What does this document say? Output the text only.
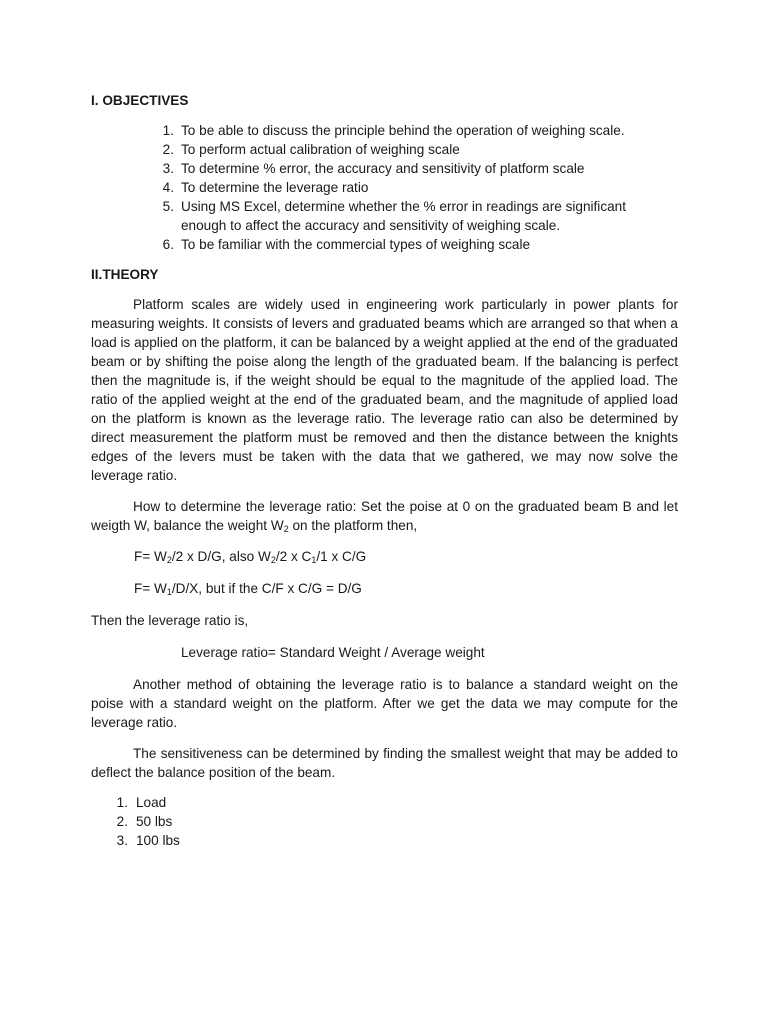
I. OBJECTIVES
1. To be able to discuss the principle behind the operation of weighing scale.
2. To perform actual calibration of weighing scale
3. To determine % error, the accuracy and sensitivity of platform scale
4. To determine the leverage ratio
5. Using MS Excel, determine whether the % error in readings are significant enough to affect the accuracy and sensitivity of weighing scale.
6. To be familiar with the commercial types of weighing scale
II.THEORY

Platform scales are widely used in engineering work particularly in power plants for measuring weights. It consists of levers and graduated beams which are arranged so that when a load is applied on the platform, it can be balanced by a weight applied at the end of the graduated beam or by shifting the poise along the length of the graduated beam. If the balancing is perfect then the magnitude is, if the weight should be equal to the magnitude of the applied load. The ratio of the applied weight at the end of the graduated beam, and the magnitude of applied load on the platform is known as the leverage ratio. The leverage ratio can also be determined by direct measurement the platform must be removed and then the distance between the knights edges of the levers must be taken with the data that we gathered, we may now solve the leverage ratio.

How to determine the leverage ratio: Set the poise at 0 on the graduated beam B and let weigth W, balance the weight $W_2$ on the platform then,

$F= W_2/2$ x D/G, also $W_2/2$ x $C_1/1$ x C/G

$F= W_1/D/X$, but if the C/F x C/G = D/G

Then the leverage ratio is,

Leverage ratio= Standard Weight / Average weight

Another method of obtaining the leverage ratio is to balance a standard weight on the poise with a standard weight on the platform. After we get the data we may compute for the leverage ratio.

The sensitiveness can be determined by finding the smallest weight that may be added to deflect the balance position of the beam.

1. Load
2. 50 lbs
3. 100 lbs
